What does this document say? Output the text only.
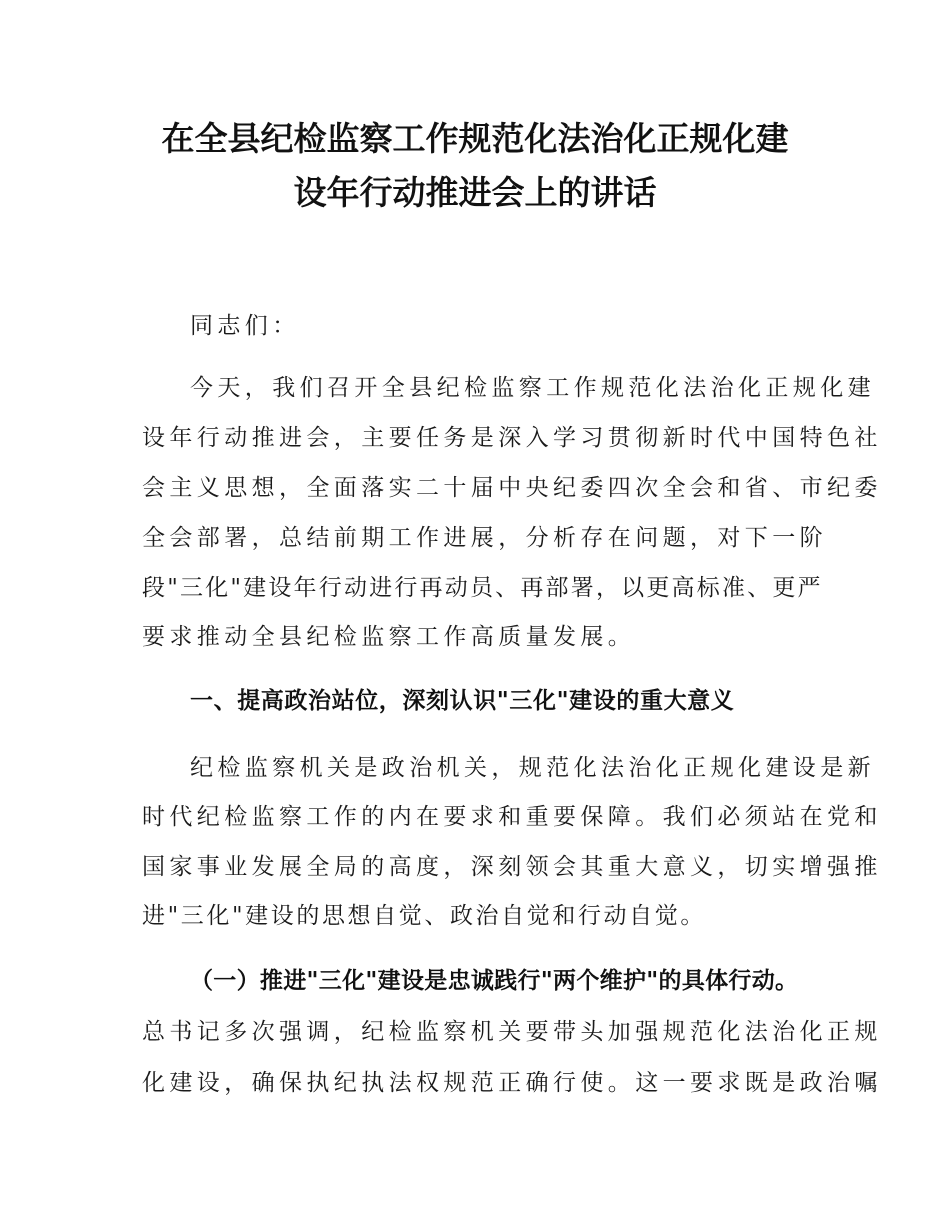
在全县纪检监察工作规范化法治化正规化建
设年行动推进会上的讲话
同志们：
今天，我们召开全县纪检监察工作规范化法治化正规化建
设年行动推进会，主要任务是深入学习贯彻新时代中国特色社
会主义思想，全面落实二十届中央纪委四次全会和省、市纪委
全会部署，总结前期工作进展，分析存在问题，对下一阶
段"三化"建设年行动进行再动员、再部署，以更高标准、更严
要求推动全县纪检监察工作高质量发展。
一、提高政治站位，深刻认识"三化"建设的重大意义
纪检监察机关是政治机关，规范化法治化正规化建设是新
时代纪检监察工作的内在要求和重要保障。我们必须站在党和
国家事业发展全局的高度，深刻领会其重大意义，切实增强推
进"三化"建设的思想自觉、政治自觉和行动自觉。
（一）推进"三化"建设是忠诚践行"两个维护"的具体行动。
总书记多次强调，纪检监察机关要带头加强规范化法治化正规
化建设，确保执纪执法权规范正确行使。这一要求既是政治嘱
